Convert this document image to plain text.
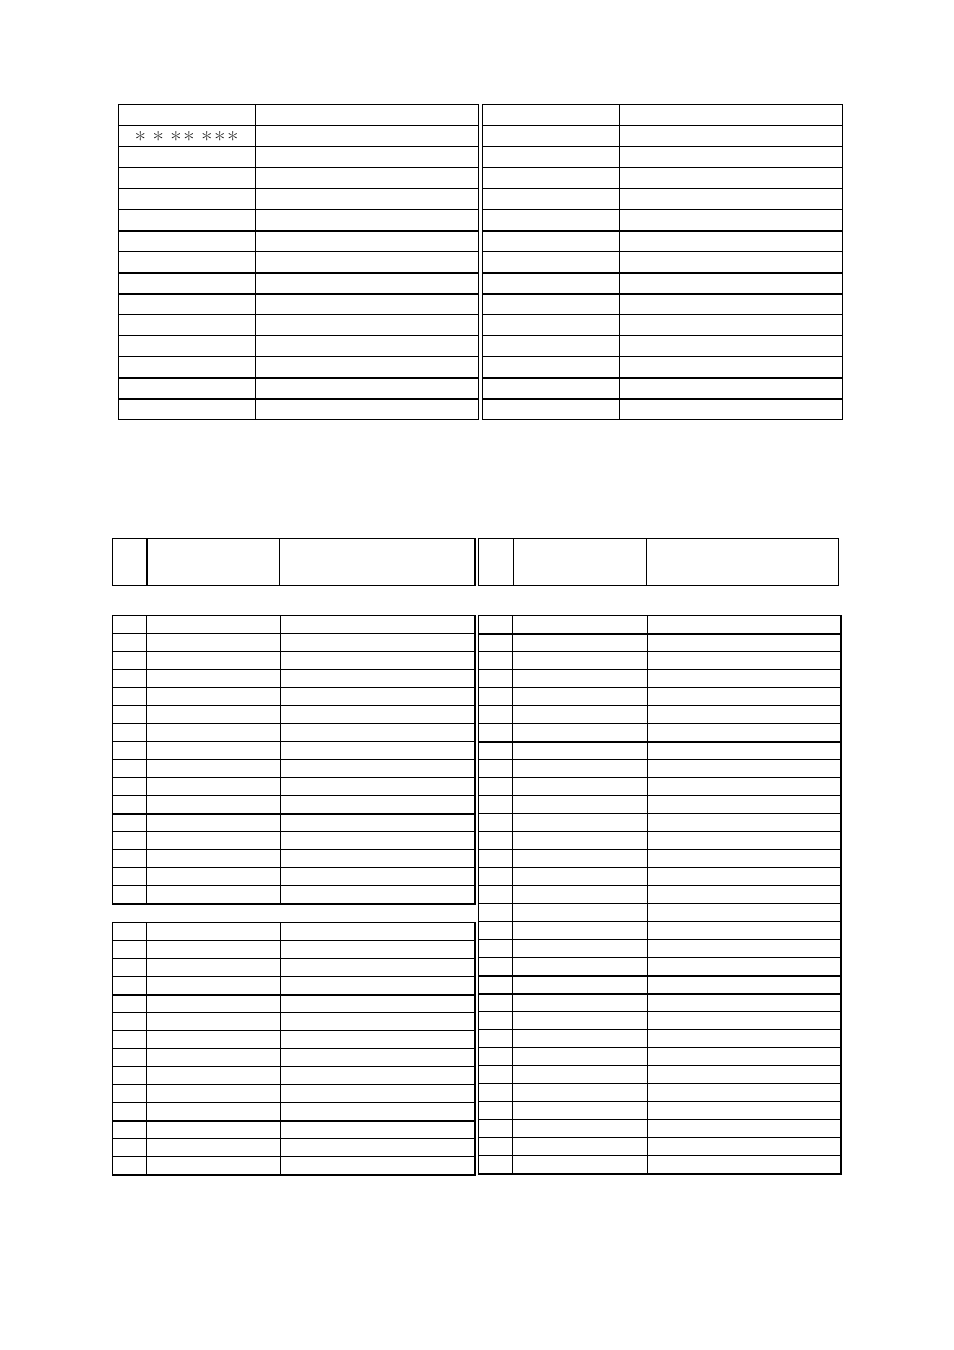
＊ ＊ ＊＊ ＊＊＊	
